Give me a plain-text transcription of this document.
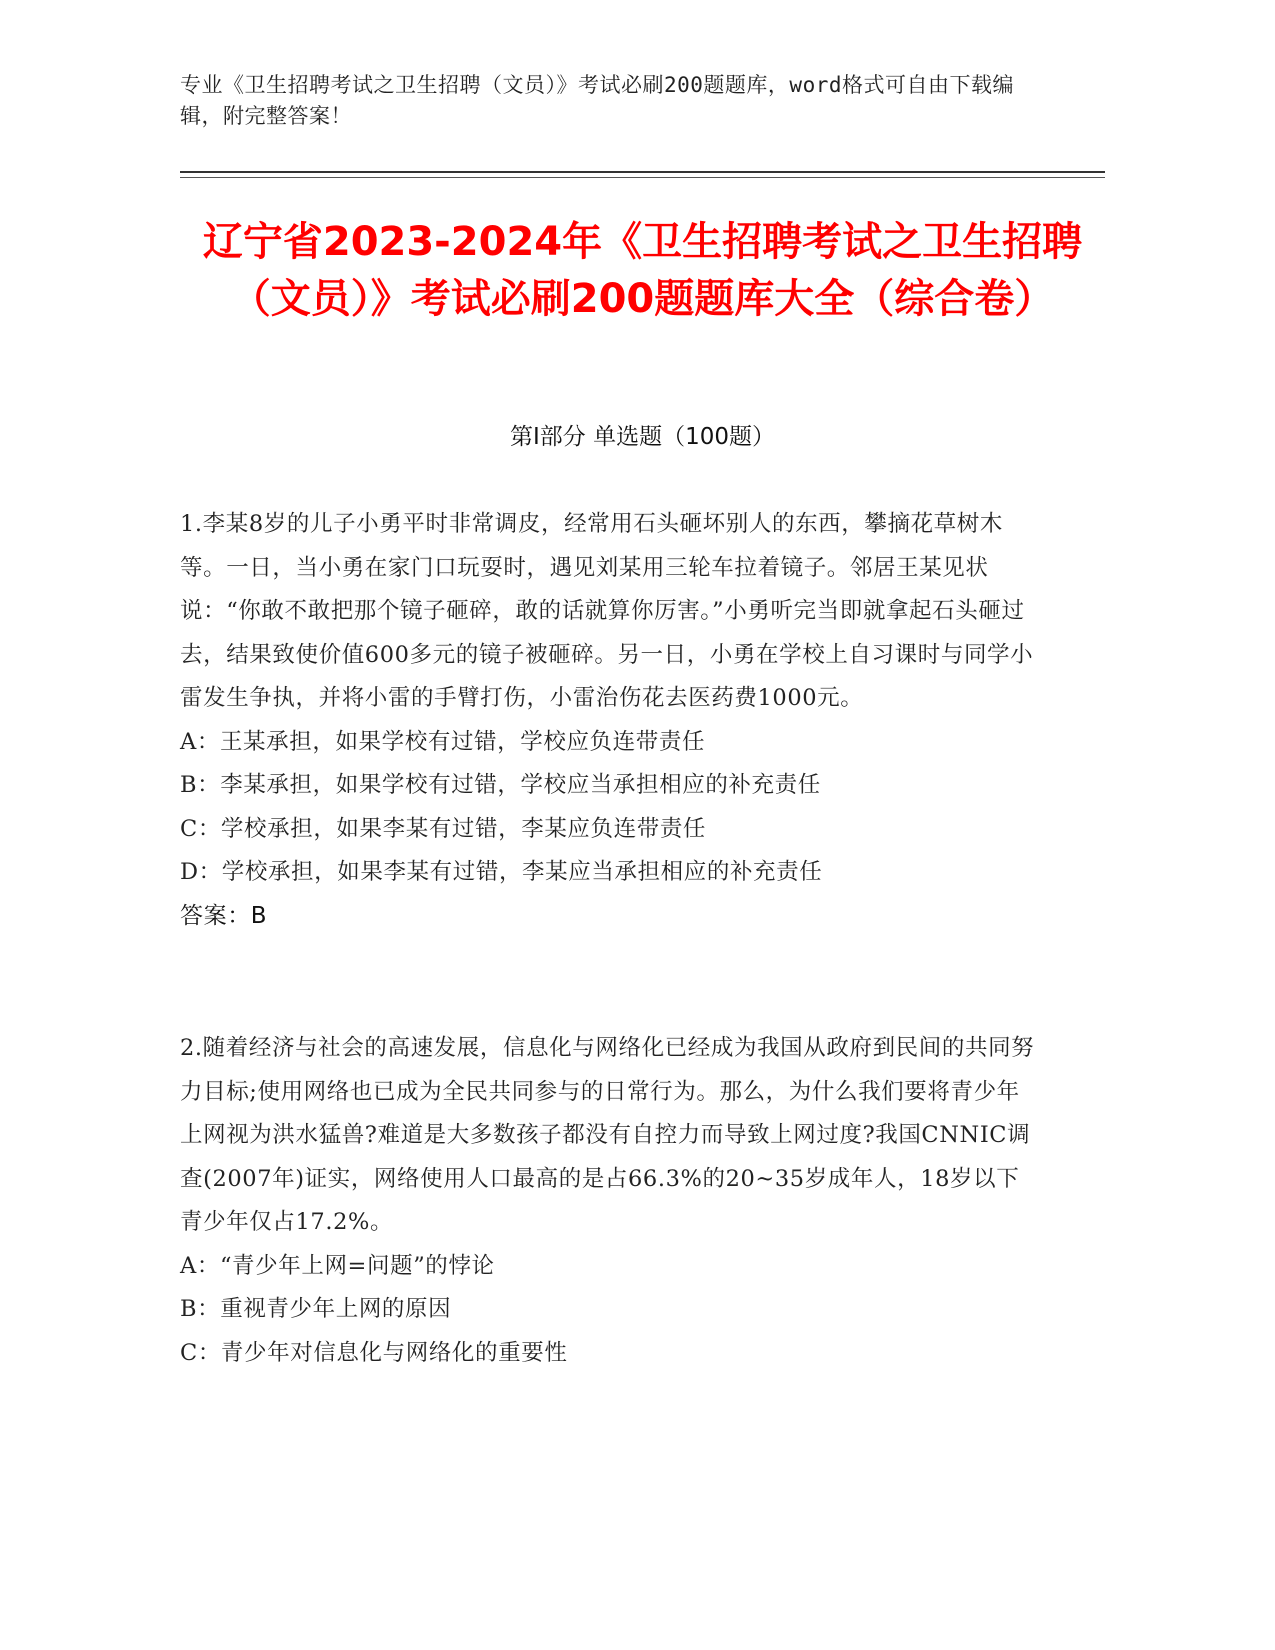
专业《卫生招聘考试之卫生招聘（文员）》考试必刷200题题库，word格式可自由下载编辑，附完整答案！
辽宁省2023-2024年《卫生招聘考试之卫生招聘（文员）》考试必刷200题题库大全（综合卷）
第I部分 单选题（100题）

1.李某8岁的儿子小勇平时非常调皮，经常用石头砸坏别人的东西，攀摘花草树木等。一日，当小勇在家门口玩耍时，遇见刘某用三轮车拉着镜子。邻居王某见状说：“你敢不敢把那个镜子砸碎，敢的话就算你厉害。”小勇听完当即就拿起石头砸过去，结果致使价值600多元的镜子被砸碎。另一日，小勇在学校上自习课时与同学小雷发生争执，并将小雷的手臂打伤，小雷治伤花去医药费1000元。

A：王某承担，如果学校有过错，学校应负连带责任
B：李某承担，如果学校有过错，学校应当承担相应的补充责任
C：学校承担，如果李某有过错，李某应负连带责任
D：学校承担，如果李某有过错，李某应当承担相应的补充责任

答案：B

2.随着经济与社会的高速发展，信息化与网络化已经成为我国从政府到民间的共同努力目标;使用网络也已成为全民共同参与的日常行为。那么，为什么我们要将青少年上网视为洪水猛兽?难道是大多数孩子都没有自控力而导致上网过度?我国CNNIC调查(2007年)证实，网络使用人口最高的是占66.3%的20~35岁成年人，18岁以下青少年仅占17.2%。

A：“青少年上网=问题”的悖论
B：重视青少年上网的原因
C：青少年对信息化与网络化的重要性
